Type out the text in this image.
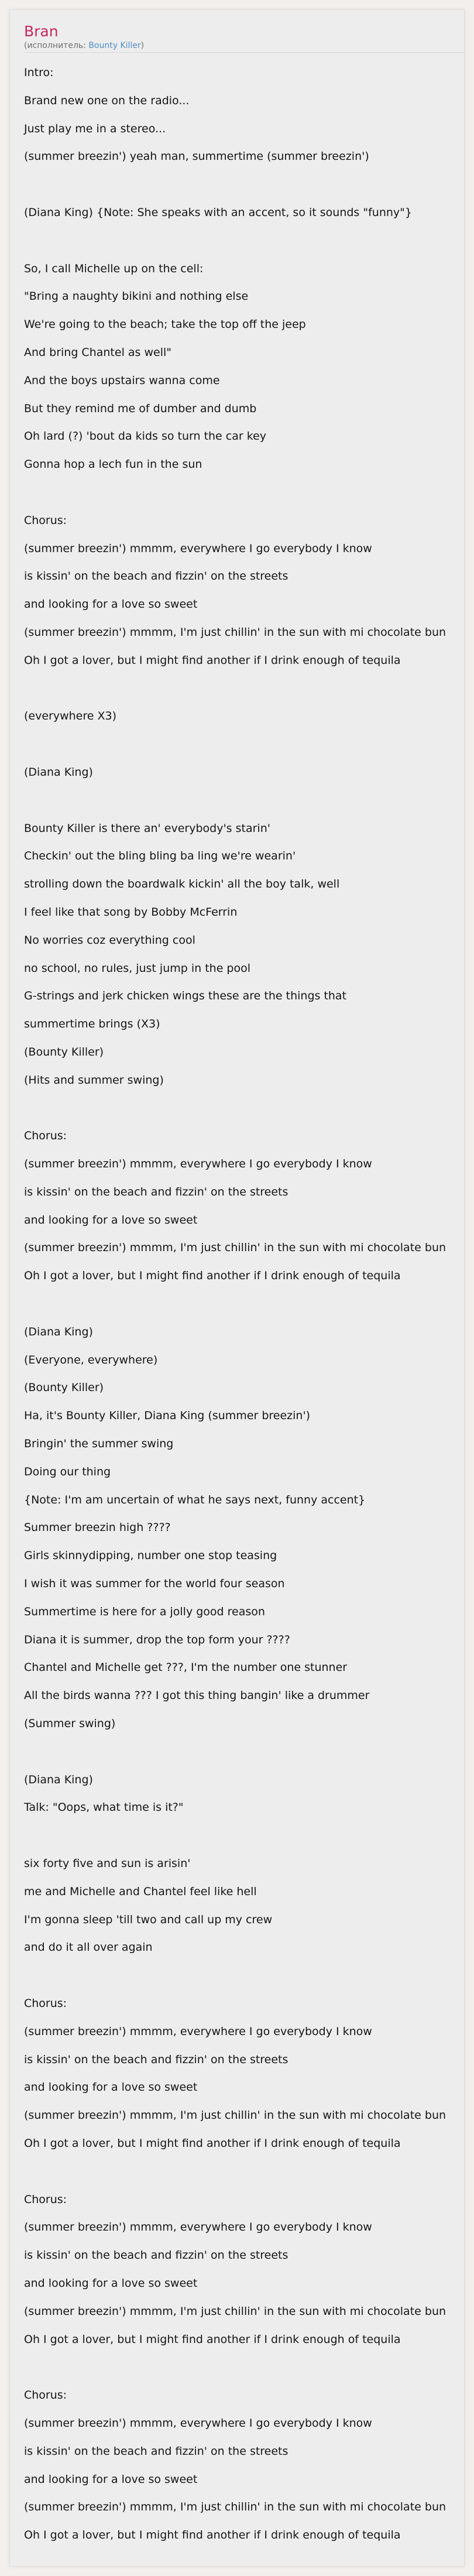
Bran
(исполнитель: Bounty Killer)
Intro:
Brand new one on the radio...
Just play me in a stereo...
(summer breezin') yeah man, summertime (summer breezin')
(Diana King) {Note: She speaks with an accent, so it sounds "funny"}
So, I call Michelle up on the cell:
"Bring a naughty bikini and nothing else
We're going to the beach; take the top off the jeep
And bring Chantel as well"
And the boys upstairs wanna come
But they remind me of dumber and dumb
Oh lard (?) 'bout da kids so turn the car key
Gonna hop a lech fun in the sun
Chorus:
(summer breezin') mmmm, everywhere I go everybody I know
is kissin' on the beach and fizzin' on the streets
and looking for a love so sweet
(summer breezin') mmmm, I'm just chillin' in the sun with mi chocolate bun
Oh I got a lover, but I might find another if I drink enough of tequila
(everywhere X3)
(Diana King)
Bounty Killer is there an' everybody's starin'
Checkin' out the bling bling ba ling we're wearin'
strolling down the boardwalk kickin' all the boy talk, well
I feel like that song by Bobby McFerrin
No worries coz everything cool
no school, no rules, just jump in the pool
G-strings and jerk chicken wings these are the things that
summertime brings (X3)
(Bounty Killer)
(Hits and summer swing)
Chorus:
(summer breezin') mmmm, everywhere I go everybody I know
is kissin' on the beach and fizzin' on the streets
and looking for a love so sweet
(summer breezin') mmmm, I'm just chillin' in the sun with mi chocolate bun
Oh I got a lover, but I might find another if I drink enough of tequila
(Diana King)
(Everyone, everywhere)
(Bounty Killer)
Ha, it's Bounty Killer, Diana King (summer breezin')
Bringin' the summer swing
Doing our thing
{Note: I'm am uncertain of what he says next, funny accent}
Summer breezin high ????
Girls skinnydipping, number one stop teasing
I wish it was summer for the world four season
Summertime is here for a jolly good reason
Diana it is summer, drop the top form your ????
Chantel and Michelle get ???, I'm the number one stunner
All the birds wanna ??? I got this thing bangin' like a drummer
(Summer swing)
(Diana King)
Talk: "Oops, what time is it?"
six forty five and sun is arisin'
me and Michelle and Chantel feel like hell
I'm gonna sleep 'till two and call up my crew
and do it all over again
Chorus:
(summer breezin') mmmm, everywhere I go everybody I know
is kissin' on the beach and fizzin' on the streets
and looking for a love so sweet
(summer breezin') mmmm, I'm just chillin' in the sun with mi chocolate bun
Oh I got a lover, but I might find another if I drink enough of tequila
Chorus:
(summer breezin') mmmm, everywhere I go everybody I know
is kissin' on the beach and fizzin' on the streets
and looking for a love so sweet
(summer breezin') mmmm, I'm just chillin' in the sun with mi chocolate bun
Oh I got a lover, but I might find another if I drink enough of tequila
Chorus:
(summer breezin') mmmm, everywhere I go everybody I know
is kissin' on the beach and fizzin' on the streets
and looking for a love so sweet
(summer breezin') mmmm, I'm just chillin' in the sun with mi chocolate bun
Oh I got a lover, but I might find another if I drink enough of tequila
